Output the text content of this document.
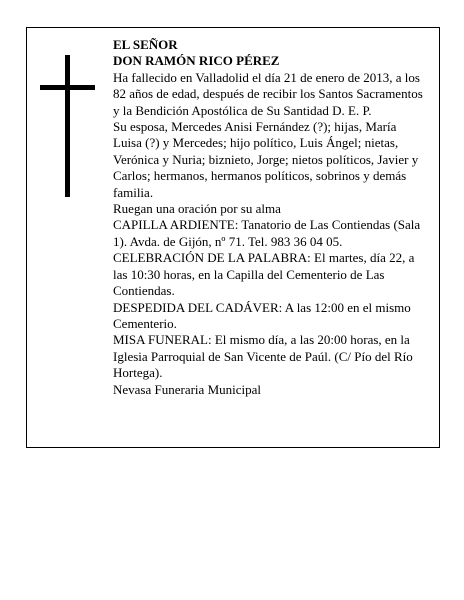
EL SEÑOR

DON RAMÓN RICO PÉREZ

Ha fallecido en Valladolid el día 21 de enero de 2013, a los 82 años de edad, después de recibir los Santos Sacramentos y la Bendición Apostólica de Su Santidad D. E. P.

Su esposa, Mercedes Anisi Fernández (?); hijas, María Luisa (?) y Mercedes; hijo político, Luis Ángel; nietas, Verónica y Nuria; biznieto, Jorge; nietos políticos, Javier y Carlos; hermanos, hermanos políticos, sobrinos y demás familia.

Ruegan una oración por su alma

CAPILLA ARDIENTE: Tanatorio de Las Contiendas (Sala 1). Avda. de Gijón, nº 71. Tel. 983 36 04 05.

CELEBRACIÓN DE LA PALABRA: El martes, día 22, a las 10:30 horas, en la Capilla del Cementerio de Las Contiendas.

DESPEDIDA DEL CADÁVER: A las 12:00 en el mismo Cementerio.

MISA FUNERAL: El mismo día, a las 20:00 horas, en la Iglesia Parroquial de San Vicente de Paúl. (C/ Pío del Río Hortega).

Nevasa Funeraria Municipal
